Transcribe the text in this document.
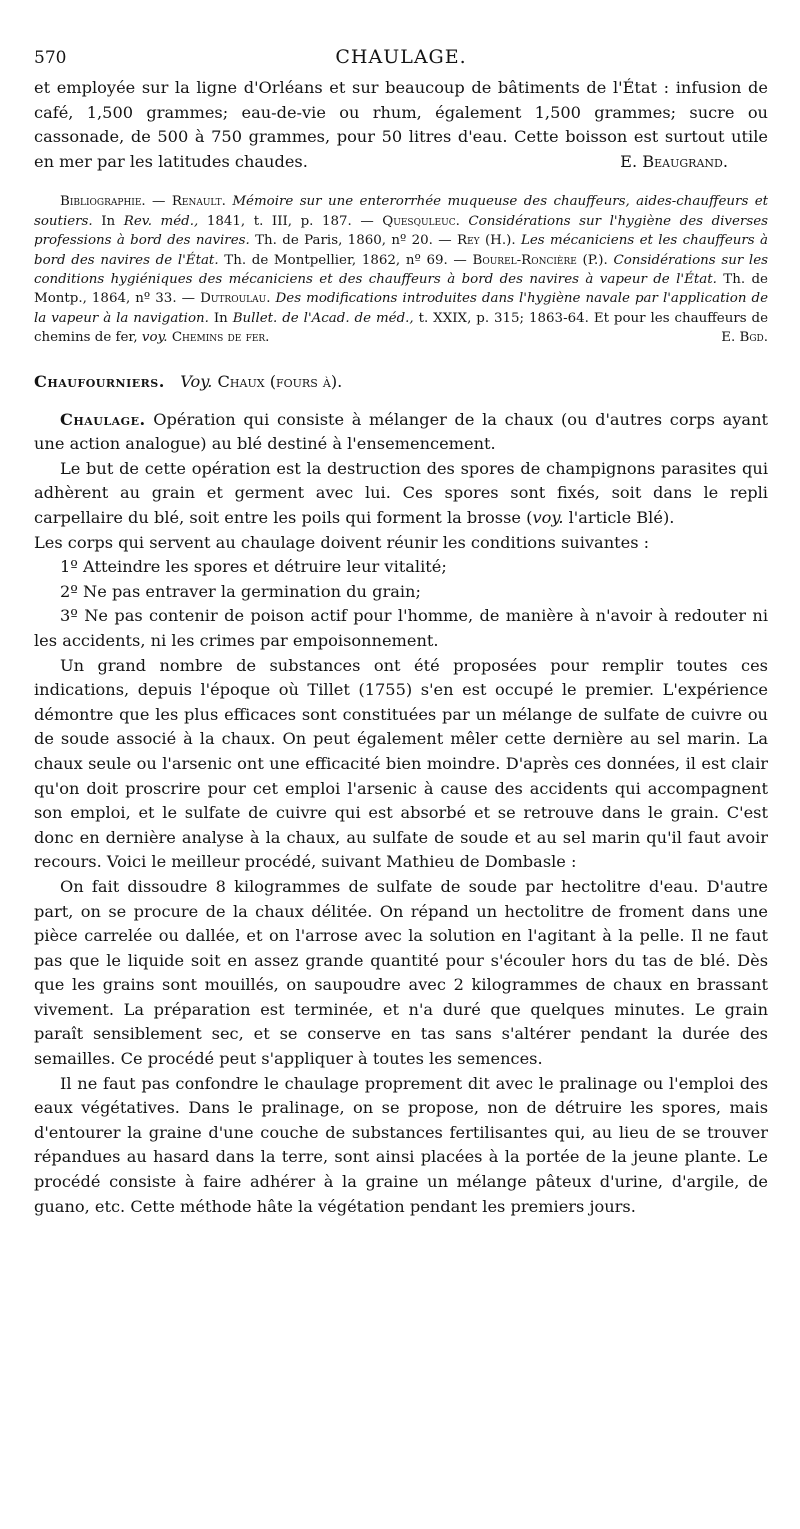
570	CHAULAGE.

et employée sur la ligne d'Orléans et sur beaucoup de bâtiments de l'État : infusion de café, 1,500 grammes; eau-de-vie ou rhum, également 1,500 grammes; sucre ou cassonade, de 500 à 750 grammes, pour 50 litres d'eau. Cette boisson est surtout utile en mer par les latitudes chaudes.	E. Beaugrand.

Bibliographie. — Renault. Mémoire sur une enterorrhée muqueuse des chauffeurs, aides-chauffeurs et soutiers. In Rev. méd., 1841, t. III, p. 187. — Quesquleuc. Considérations sur l'hygiène des diverses professions à bord des navires. Th. de Paris, 1860, nº 20. — Rey (H.). Les mécaniciens et les chauffeurs à bord des navires de l'État. Th. de Montpellier, 1862, nº 69. — Bourel-Roncière (P.). Considérations sur les conditions hygiéniques des mécaniciens et des chauffeurs à bord des navires à vapeur de l'État. Th. de Montp., 1864, nº 33. — Dutroulau. Des modifications introduites dans l'hygiène navale par l'application de la vapeur à la navigation. In Bullet. de l'Acad. de méd., t. XXIX, p. 315; 1863-64. Et pour les chauffeurs de chemins de fer, voy. Chemins de fer.	E. Bgd.

Chaufourniers. Voy. Chaux (fours à).

Chaulage. Opération qui consiste à mélanger de la chaux (ou d'autres corps ayant une action analogue) au blé destiné à l'ensemencement.

Le but de cette opération est la destruction des spores de champignons parasites qui adhèrent au grain et germent avec lui. Ces spores sont fixés, soit dans le repli carpellaire du blé, soit entre les poils qui forment la brosse (voy. l'article Blé).

Les corps qui servent au chaulage doivent réunir les conditions suivantes :

1º Atteindre les spores et détruire leur vitalité;

2º Ne pas entraver la germination du grain;

3º Ne pas contenir de poison actif pour l'homme, de manière à n'avoir à redouter ni les accidents, ni les crimes par empoisonnement.

Un grand nombre de substances ont été proposées pour remplir toutes ces indications, depuis l'époque où Tillet (1755) s'en est occupé le premier. L'expérience démontre que les plus efficaces sont constituées par un mélange de sulfate de cuivre ou de soude associé à la chaux. On peut également mêler cette dernière au sel marin. La chaux seule ou l'arsenic ont une efficacité bien moindre. D'après ces données, il est clair qu'on doit proscrire pour cet emploi l'arsenic à cause des accidents qui accompagnent son emploi, et le sulfate de cuivre qui est absorbé et se retrouve dans le grain. C'est donc en dernière analyse à la chaux, au sulfate de soude et au sel marin qu'il faut avoir recours. Voici le meilleur procédé, suivant Mathieu de Dombasle :

On fait dissoudre 8 kilogrammes de sulfate de soude par hectolitre d'eau. D'autre part, on se procure de la chaux délitée. On répand un hectolitre de froment dans une pièce carrelée ou dallée, et on l'arrose avec la solution en l'agitant à la pelle. Il ne faut pas que le liquide soit en assez grande quantité pour s'écouler hors du tas de blé. Dès que les grains sont mouillés, on saupoudre avec 2 kilogrammes de chaux en brassant vivement. La préparation est terminée, et n'a duré que quelques minutes. Le grain paraît sensiblement sec, et se conserve en tas sans s'altérer pendant la durée des semailles. Ce procédé peut s'appliquer à toutes les semences.

Il ne faut pas confondre le chaulage proprement dit avec le pralinage ou l'emploi des eaux végétatives. Dans le pralinage, on se propose, non de détruire les spores, mais d'entourer la graine d'une couche de substances fertilisantes qui, au lieu de se trouver répandues au hasard dans la terre, sont ainsi placées à la portée de la jeune plante. Le procédé consiste à faire adhérer à la graine un mélange pâteux d'urine, d'argile, de guano, etc. Cette méthode hâte la végétation pendant les premiers jours.
